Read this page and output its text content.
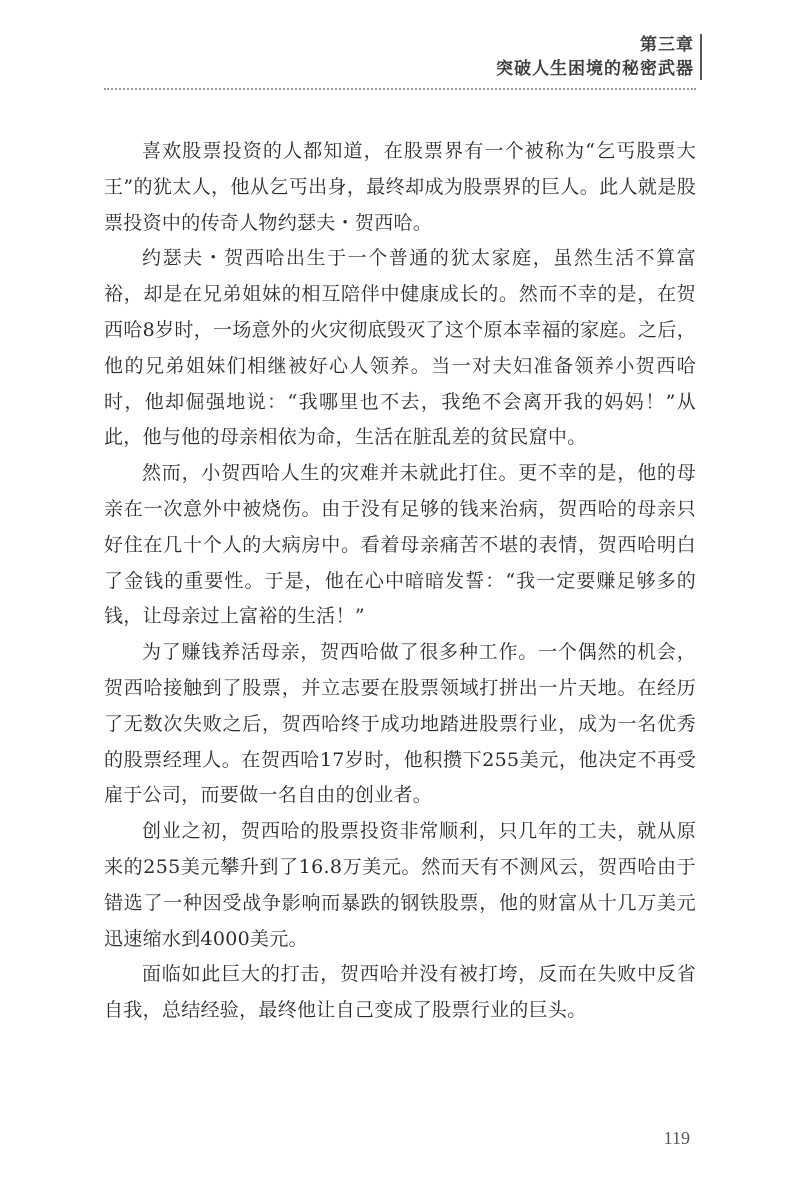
第三章
突破人生困境的秘密武器

喜欢股票投资的人都知道，在股票界有一个被称为“乞丐股票大王”的犹太人，他从乞丐出身，最终却成为股票界的巨人。此人就是股票投资中的传奇人物约瑟夫・贺西哈。

约瑟夫・贺西哈出生于一个普通的犹太家庭，虽然生活不算富裕，却是在兄弟姐妹的相互陪伴中健康成长的。然而不幸的是，在贺西哈8岁时，一场意外的火灾彻底毁灭了这个原本幸福的家庭。之后，他的兄弟姐妹们相继被好心人领养。当一对夫妇准备领养小贺西哈时，他却倔强地说：“我哪里也不去，我绝不会离开我的妈妈！”从此，他与他的母亲相依为命，生活在脏乱差的贫民窟中。

然而，小贺西哈人生的灾难并未就此打住。更不幸的是，他的母亲在一次意外中被烧伤。由于没有足够的钱来治病，贺西哈的母亲只好住在几十个人的大病房中。看着母亲痛苦不堪的表情，贺西哈明白了金钱的重要性。于是，他在心中暗暗发誓：“我一定要赚足够多的钱，让母亲过上富裕的生活！”

为了赚钱养活母亲，贺西哈做了很多种工作。一个偶然的机会，贺西哈接触到了股票，并立志要在股票领域打拼出一片天地。在经历了无数次失败之后，贺西哈终于成功地踏进股票行业，成为一名优秀的股票经理人。在贺西哈17岁时，他积攒下255美元，他决定不再受雇于公司，而要做一名自由的创业者。

创业之初，贺西哈的股票投资非常顺利，只几年的工夫，就从原来的255美元攀升到了16.8万美元。然而天有不测风云，贺西哈由于错选了一种因受战争影响而暴跌的钢铁股票，他的财富从十几万美元迅速缩水到4000美元。

面临如此巨大的打击，贺西哈并没有被打垮，反而在失败中反省自我，总结经验，最终他让自己变成了股票行业的巨头。

119
